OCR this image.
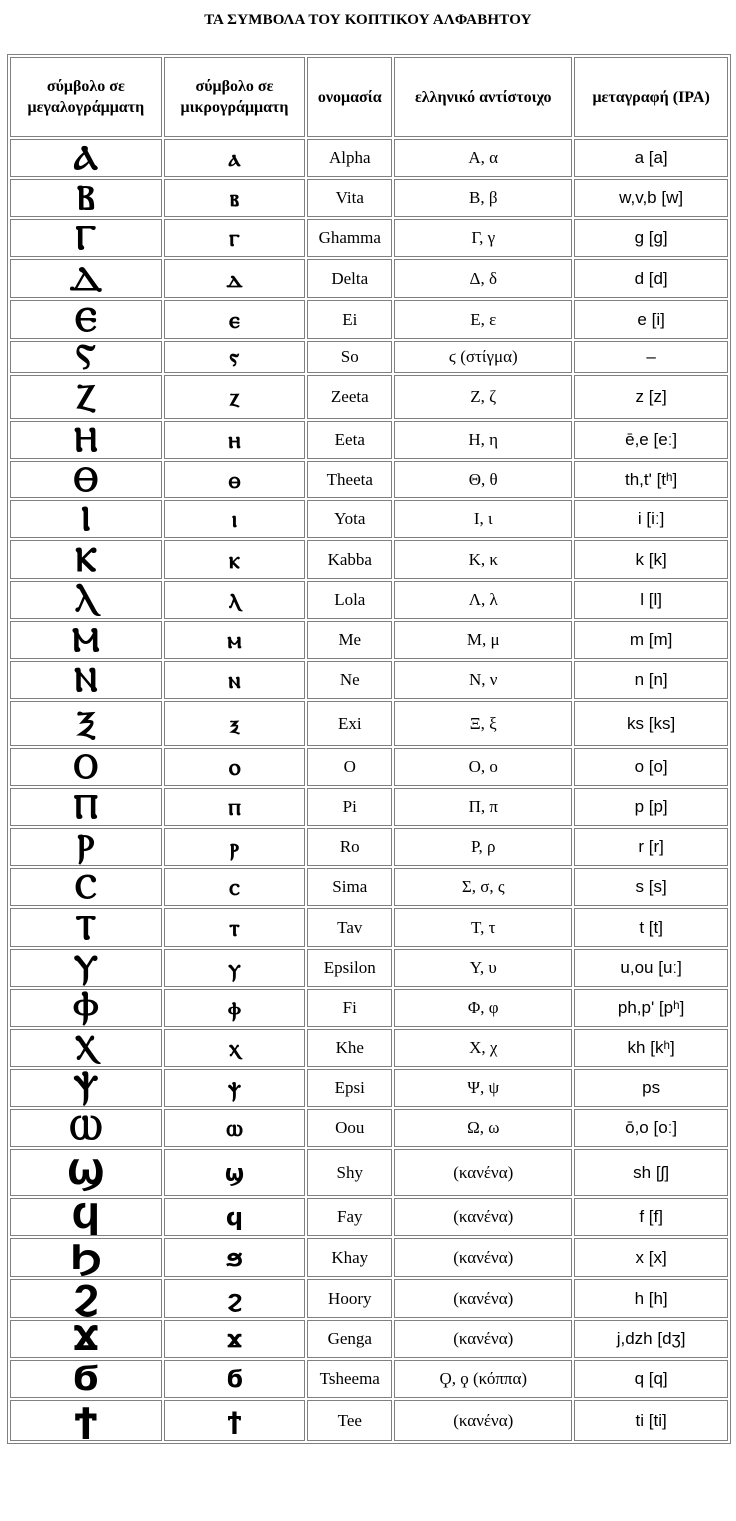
ΤΑ ΣΥΜΒΟΛΑ ΤΟΥ ΚΟΠΤΙΚΟΥ ΑΛΦΑΒΗΤΟΥ
σύμβολο σε μεγαλογράμματη	σύμβολο σε μικρογράμματη	ονομασία	ελληνικό αντίστοιχο	μεταγραφή (IPA)
Ⲁ	ⲁ	Alpha	Α, α	a [a]
Ⲃ	ⲃ	Vita	Β, β	w,v,b [w]
Ⲅ	ⲅ	Ghamma	Γ, γ	g [g]
Ⲇ	ⲇ	Delta	Δ, δ	d [d]
Ⲉ	ⲉ	Ei	Ε, ε	e [i]
Ⲋ	ⲋ	So	ϛ (στίγμα)	–
Ⲍ	ⲍ	Zeeta	Ζ, ζ	z [z]
Ⲏ	ⲏ	Eeta	Η, η	ē,e [eː]
Ⲑ	ⲑ	Theeta	Θ, θ	th,t' [tʰ]
Ⲓ	ⲓ	Yota	Ι, ι	i [iː]
Ⲕ	ⲕ	Kabba	Κ, κ	k [k]
Ⲗ	ⲗ	Lola	Λ, λ	l [l]
Ⲙ	ⲙ	Me	Μ, μ	m [m]
Ⲛ	ⲛ	Ne	Ν, ν	n [n]
Ⲝ	ⲝ	Exi	Ξ, ξ	ks [ks]
Ⲟ	ⲟ	O	Ο, ο	o [o]
Ⲡ	ⲡ	Pi	Π, π	p [p]
Ⲣ	ⲣ	Ro	Ρ, ρ	r [r]
Ⲥ	ⲥ	Sima	Σ, σ, ς	s [s]
Ⲧ	ⲧ	Tav	Τ, τ	t [t]
Ⲩ	ⲩ	Epsilon	Υ, υ	u,ou [uː]
Ⲫ	ⲫ	Fi	Φ, φ	ph,p' [pʰ]
Ⲭ	ⲭ	Khe	Χ, χ	kh [kʰ]
Ⲯ	ⲯ	Epsi	Ψ, ψ	ps
Ⲱ	ⲱ	Oou	Ω, ω	ō,o [oː]
Ϣ	ϣ	Shy	(κανένα)	sh [ʃ]
Ϥ	ϥ	Fay	(κανένα)	f [f]
Ϧ	ϧ	Khay	(κανένα)	x [x]
Ϩ	ϩ	Hoory	(κανένα)	h [h]
Ϫ	ϫ	Genga	(κανένα)	j,dzh [dʒ]
Ϭ	ϭ	Tsheema	Ϙ, ϙ (κόππα)	q [q]
Ϯ	ϯ	Tee	(κανένα)	ti [ti]
